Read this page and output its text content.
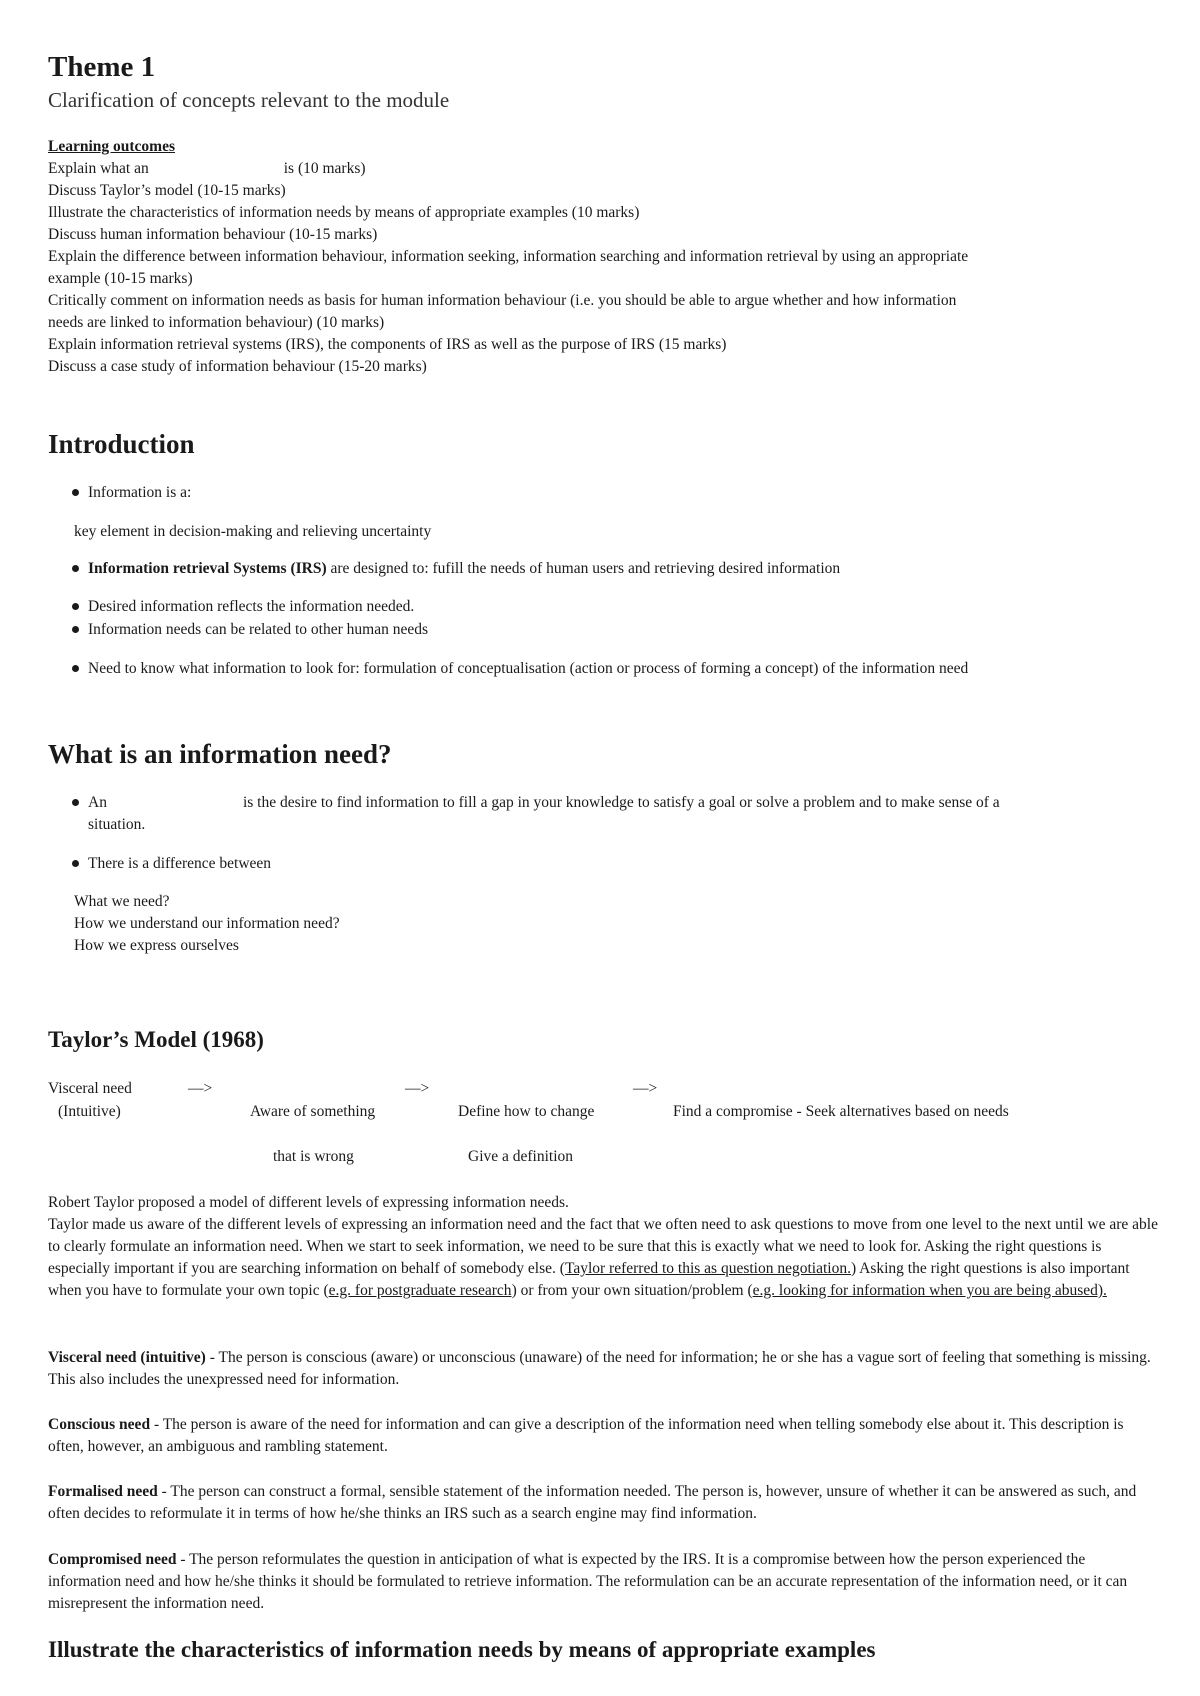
Theme 1
Clarification of concepts relevant to the module
Learning outcomes
Explain what an	is (10 marks)
Discuss Taylor’s model (10-15 marks)
Illustrate the characteristics of information needs by means of appropriate examples (10 marks)
Discuss human information behaviour (10-15 marks)
Explain the difference between information behaviour, information seeking, information searching and information retrieval by using an appropriate
example (10-15 marks)
Critically comment on information needs as basis for human information behaviour (i.e. you should be able to argue whether and how information
needs are linked to information behaviour) (10 marks)
Explain information retrieval systems (IRS), the components of IRS as well as the purpose of IRS (15 marks)
Discuss a case study of information behaviour (15-20 marks)
Introduction
Information is a:
key element in decision-making and relieving uncertainty
Information retrieval Systems (IRS) are designed to: fufill the needs of human users and retrieving desired information
Desired information reflects the information needed.
Information needs can be related to other human needs
Need to know what information to look for: formulation of conceptualisation (action or process of forming a concept) of the information need
What is an information need?
An	is the desire to find information to fill a gap in your knowledge to satisfy a goal or solve a problem and to make sense of a
situation.
There is a difference between
What we need?
How we understand our information need?
How we express ourselves
Taylor’s Model (1968)
Visceral need	—>	—>	—>
(Intuitive)	Aware of something	Define how to change	Find a compromise - Seek alternatives based on needs
that is wrong	Give a definition
Robert Taylor proposed a model of different levels of expressing information needs.
Taylor made us aware of the different levels of expressing an information need and the fact that we often need to ask questions to move from one level to the next until we are able to clearly formulate an information need. When we start to seek information, we need to be sure that this is exactly what we need to look for. Asking the right questions is especially important if you are searching information on behalf of somebody else. (Taylor referred to this as question negotiation.) Asking the right questions is also important when you have to formulate your own topic (e.g. for postgraduate research) or from your own situation/problem (e.g. looking for information when you are being abused).
Visceral need (intuitive) - The person is conscious (aware) or unconscious (unaware) of the need for information; he or she has a vague sort of feeling that something is missing. This also includes the unexpressed need for information.
Conscious need - The person is aware of the need for information and can give a description of the information need when telling somebody else about it. This description is often, however, an ambiguous and rambling statement.
Formalised need - The person can construct a formal, sensible statement of the information needed. The person is, however, unsure of whether it can be answered as such, and often decides to reformulate it in terms of how he/she thinks an IRS such as a search engine may find information.
Compromised need - The person reformulates the question in anticipation of what is expected by the IRS. It is a compromise between how the person experienced the information need and how he/she thinks it should be formulated to retrieve information. The reformulation can be an accurate representation of the information need, or it can misrepresent the information need.
Illustrate the characteristics of information needs by means of appropriate examples
